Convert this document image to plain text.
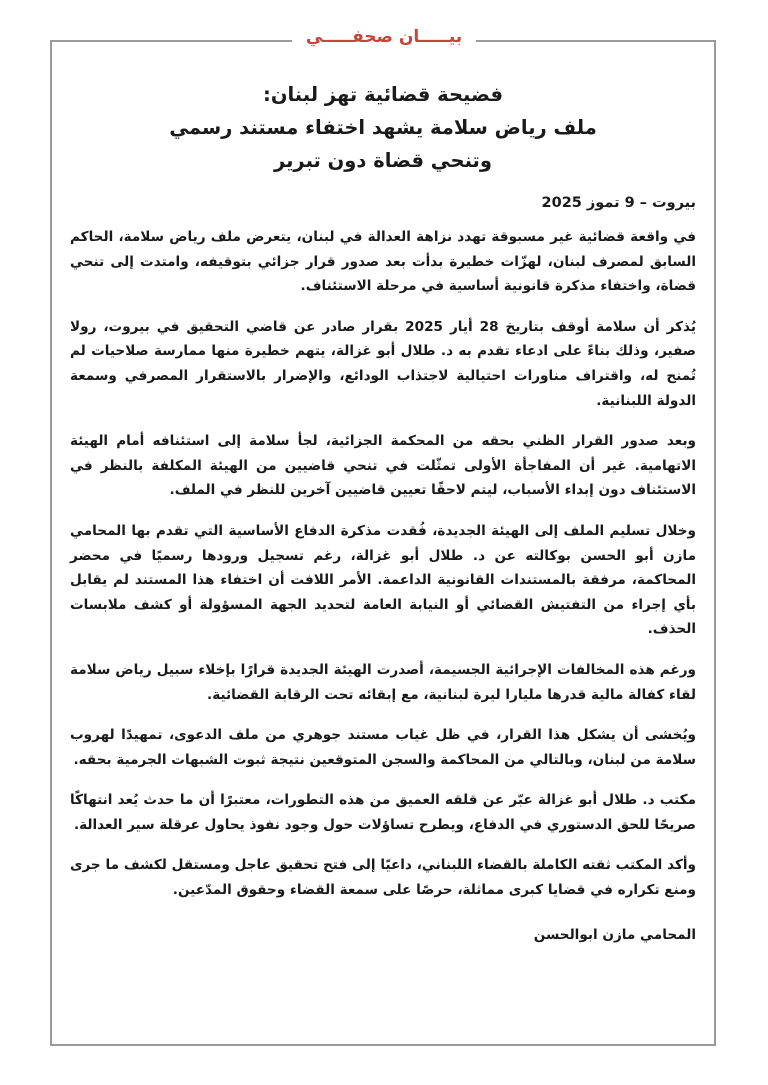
بيـــــان صحفـــــي
فضيحة قضائية تهز لبنان:
ملف رياض سلامة يشهد اختفاء مستند رسمي
وتنحي قضاة دون تبرير
بيروت – 9 تموز 2025

في واقعة قضائية غير مسبوقة تهدد نزاهة العدالة في لبنان، يتعرض ملف رياض سلامة، الحاكم السابق لمصرف لبنان، لهزّات خطيرة بدأت بعد صدور قرار جزائي بتوقيفه، وامتدت إلى تنحي قضاة، واختفاء مذكرة قانونية أساسية في مرحلة الاستئناف.

يُذكر أن سلامة أوقف بتاريخ 28 أيار 2025 بقرار صادر عن قاضي التحقيق في بيروت، رولا صفير، وذلك بناءً على ادعاء تقدم به د. طلال أبو غزالة، يتهم خطيرة منها ممارسة صلاحيات لم تُمنح له، واقتراف مناورات احتيالية لاجتذاب الودائع، والإضرار بالاستقرار المصرفي وسمعة الدولة اللبنانية.

وبعد صدور القرار الظني بحقه من المحكمة الجزائية، لجأ سلامة إلى استئنافه أمام الهيئة الاتهامية. غير أن المفاجأة الأولى تمثّلت في تنحي قاضيين من الهيئة المكلفة بالنظر في الاستئناف دون إبداء الأسباب، ليتم لاحقًا تعيين قاضيين آخرين للنظر في الملف.

وخلال تسليم الملف إلى الهيئة الجديدة، فُقدت مذكرة الدفاع الأساسية التي تقدم بها المحامي مازن أبو الحسن بوكالته عن د. طلال أبو غزالة، رغم تسجيل ورودها رسميًا في محضر المحاكمة، مرفقة بالمستندات القانونية الداعمة. الأمر اللافت أن اختفاء هذا المستند لم يقابل بأي إجراء من التفتيش القضائي أو النيابة العامة لتحديد الجهة المسؤولة أو كشف ملابسات الحذف.

ورغم هذه المخالفات الإجرائية الجسيمة، أصدرت الهيئة الجديدة قرارًا بإخلاء سبيل رياض سلامة لقاء كفالة مالية قدرها مليارا ليرة لبنانية، مع إبقائه تحت الرقابة القضائية.

ويُخشى أن يشكل هذا القرار، في ظل غياب مستند جوهري من ملف الدعوى، تمهيدًا لهروب سلامة من لبنان، وبالتالي من المحاكمة والسجن المتوقعين نتيجة ثبوت الشبهات الجرمية بحقه.

مكتب د. طلال أبو غزالة عبّر عن قلقه العميق من هذه التطورات، معتبرًا أن ما حدث يُعد انتهاكًا صريحًا للحق الدستوري في الدفاع، ويطرح تساؤلات حول وجود نفوذ يحاول عرقلة سير العدالة.

وأكد المكتب ثقته الكاملة بالقضاء اللبناني، داعيًا إلى فتح تحقيق عاجل ومستقل لكشف ما جرى ومنع تكراره في قضايا كبرى مماثلة، حرصًا على سمعة القضاء وحقوق المدّعين.

المحامي مازن ابوالحسن
